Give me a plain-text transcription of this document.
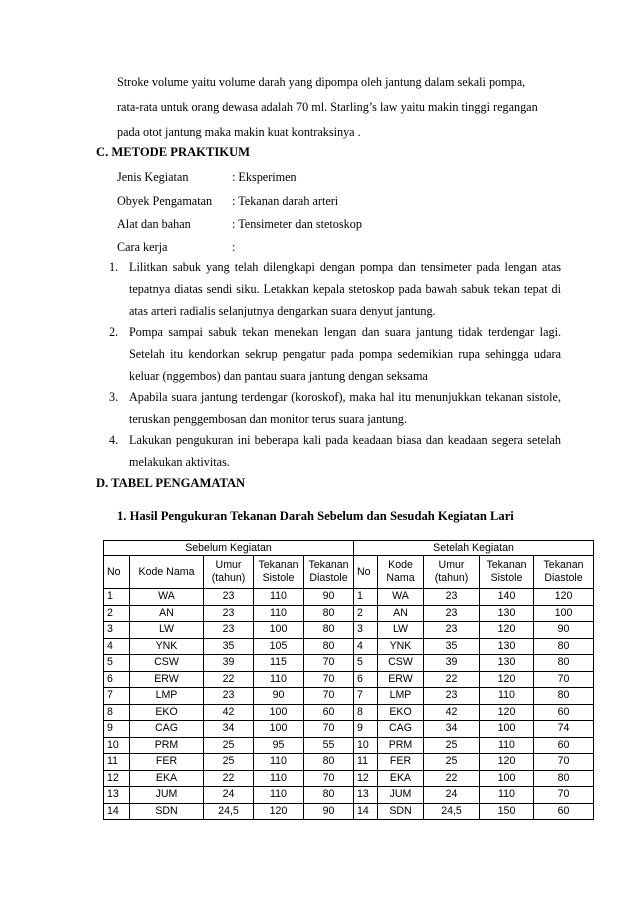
Stroke volume yaitu volume darah yang dipompa oleh jantung dalam sekali pompa,
rata-rata untuk orang dewasa adalah 70 ml. Starling’s law yaitu makin tinggi regangan
pada otot jantung maka makin kuat kontraksinya .
C. METODE PRAKTIKUM
Jenis Kegiatan	: Eksperimen
Obyek Pengamatan : Tekanan darah arteri
Alat dan bahan	: Tensimeter dan stetoskop
Cara kerja	:
1. Lilitkan sabuk yang telah dilengkapi dengan pompa dan tensimeter pada lengan atas tepatnya diatas sendi siku. Letakkan kepala stetoskop pada bawah sabuk tekan tepat di atas arteri radialis selanjutnya dengarkan suara denyut jantung.
2. Pompa sampai sabuk tekan menekan lengan dan suara jantung tidak terdengar lagi. Setelah itu kendorkan sekrup pengatur pada pompa sedemikian rupa sehingga udara keluar (nggembos) dan pantau suara jantung dengan seksama
3. Apabila suara jantung terdengar (koroskof), maka hal itu menunjukkan tekanan sistole, teruskan penggembosan dan monitor terus suara jantung.
4. Lakukan pengukuran ini beberapa kali pada keadaan biasa dan keadaan segera setelah melakukan aktivitas.
D. TABEL PENGAMATAN
1. Hasil Pengukuran Tekanan Darah Sebelum dan Sesudah Kegiatan Lari
Sebelum Kegiatan					Setelah Kegiatan				
No	Kode Nama	Umur (tahun)	Tekanan Sistole	Tekanan Diastole	No	Kode Nama	Umur (tahun)	Tekanan Sistole	Tekanan Diastole
1	WA	23	110	90	1	WA	23	140	120
2	AN	23	110	80	2	AN	23	130	100
3	LW	23	100	80	3	LW	23	120	90
4	YNK	35	105	80	4	YNK	35	130	80
5	CSW	39	115	70	5	CSW	39	130	80
6	ERW	22	110	70	6	ERW	22	120	70
7	LMP	23	90	70	7	LMP	23	110	80
8	EKO	42	100	60	8	EKO	42	120	60
9	CAG	34	100	70	9	CAG	34	100	74
10	PRM	25	95	55	10	PRM	25	110	60
11	FER	25	110	80	11	FER	25	120	70
12	EKA	22	110	70	12	EKA	22	100	80
13	JUM	24	110	80	13	JUM	24	110	70
14	SDN	24,5	120	90	14	SDN	24,5	150	60
